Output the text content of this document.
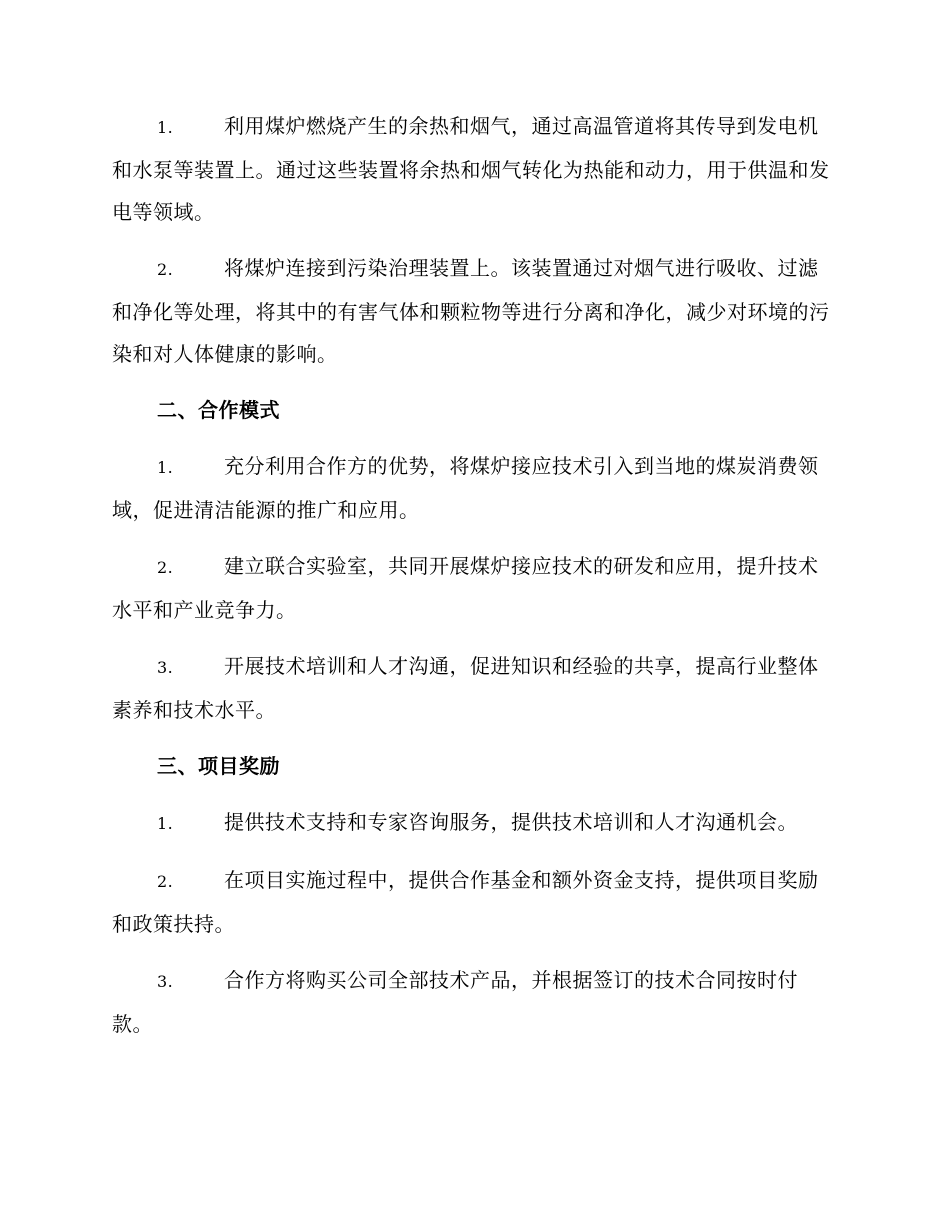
1.	利用煤炉燃烧产生的余热和烟气，通过高温管道将其传导到发电机和水泵等装置上。通过这些装置将余热和烟气转化为热能和动力，用于供温和发电等领域。

2.	将煤炉连接到污染治理装置上。该装置通过对烟气进行吸收、过滤和净化等处理，将其中的有害气体和颗粒物等进行分离和净化，减少对环境的污染和对人体健康的影响。

二、合作模式

1.	充分利用合作方的优势，将煤炉接应技术引入到当地的煤炭消费领域，促进清洁能源的推广和应用。

2.	建立联合实验室，共同开展煤炉接应技术的研发和应用，提升技术水平和产业竞争力。

3.	开展技术培训和人才沟通，促进知识和经验的共享，提高行业整体素养和技术水平。

三、项目奖励

1.	提供技术支持和专家咨询服务，提供技术培训和人才沟通机会。

2.	在项目实施过程中，提供合作基金和额外资金支持，提供项目奖励和政策扶持。

3.	合作方将购买公司全部技术产品，并根据签订的技术合同按时付款。
